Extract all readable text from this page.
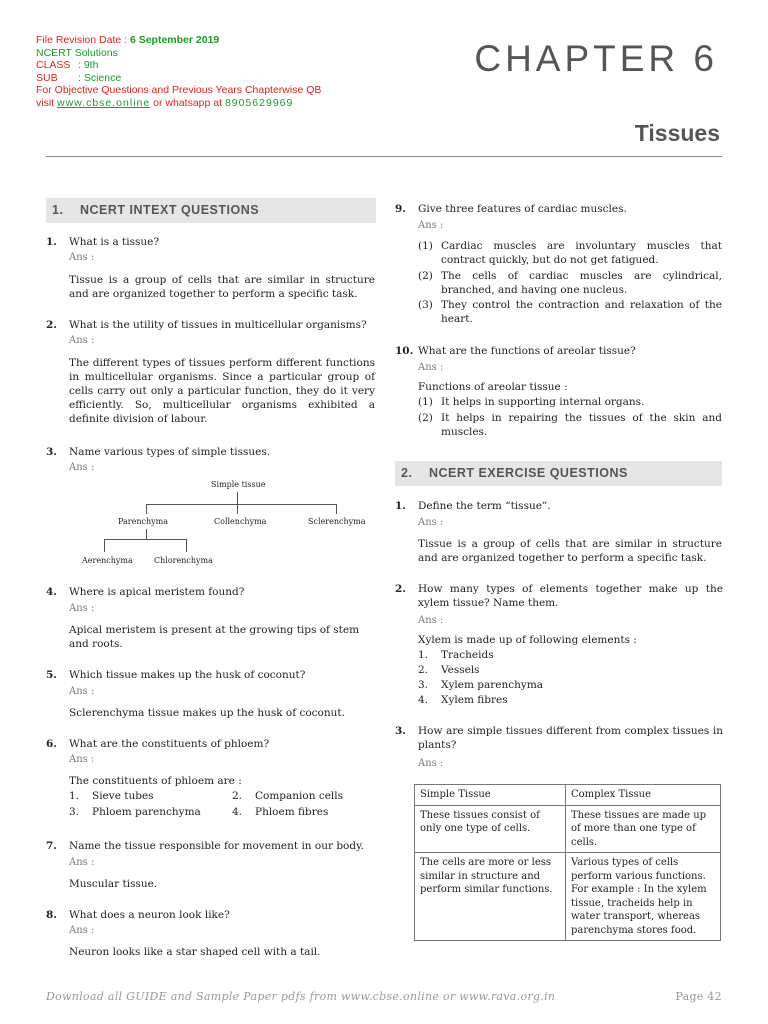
File Revision Date : 6 September 2019
NCERT Solutions
CLASS : 9th
SUB : Science
For Objective Questions and Previous Years Chapterwise QB
visit www.cbse.online or whatsapp at 8905629969
CHAPTER 6
Tissues
1. NCERT INTEXT QUESTIONS
1. What is a tissue?
Ans :
Tissue is a group of cells that are similar in structure and are organized together to perform a specific task.
2. What is the utility of tissues in multicellular organisms?
Ans :
The different types of tissues perform different functions in multicellular organisms. Since a particular group of cells carry out only a particular function, they do it very efficiently. So, multicellular organisms exhibited a definite division of labour.
3. Name various types of simple tissues.
Ans :
Simple tissue
Parenchyma	Collenchyma	Sclerenchyma
Aerenchyma	Chlorenchyma
4. Where is apical meristem found?
Ans :
Apical meristem is present at the growing tips of stem and roots.
5. Which tissue makes up the husk of coconut?
Ans :
Sclerenchyma tissue makes up the husk of coconut.
6. What are the constituents of phloem?
Ans :
The constituents of phloem are :
1. Sieve tubes	2. Companion cells
3. Phloem parenchyma	4. Phloem fibres
7. Name the tissue responsible for movement in our body.
Ans :
Muscular tissue.
8. What does a neuron look like?
Ans :
Neuron looks like a star shaped cell with a tail.
9. Give three features of cardiac muscles.
Ans :
(1) Cardiac muscles are involuntary muscles that contract quickly, but do not get fatigued.
(2) The cells of cardiac muscles are cylindrical, branched, and having one nucleus.
(3) They control the contraction and relaxation of the heart.
10. What are the functions of areolar tissue?
Ans :
Functions of areolar tissue :
(1) It helps in supporting internal organs.
(2) It helps in repairing the tissues of the skin and muscles.
2. NCERT EXERCISE QUESTIONS
1. Define the term “tissue”.
Ans :
Tissue is a group of cells that are similar in structure and are organized together to perform a specific task.
2. How many types of elements together make up the xylem tissue? Name them.
Ans :
Xylem is made up of following elements :
1. Tracheids
2. Vessels
3. Xylem parenchyma
4. Xylem fibres
3. How are simple tissues different from complex tissues in plants?
Ans :
Simple Tissue	Complex Tissue
These tissues consist of only one type of cells.	These tissues are made up of more than one type of cells.
The cells are more or less similar in structure and perform similar functions.	Various types of cells perform various functions. For example : In the xylem tissue, tracheids help in water transport, whereas parenchyma stores food.
Download all GUIDE and Sample Paper pdfs from www.cbse.online or www.rava.org.in	Page 42
